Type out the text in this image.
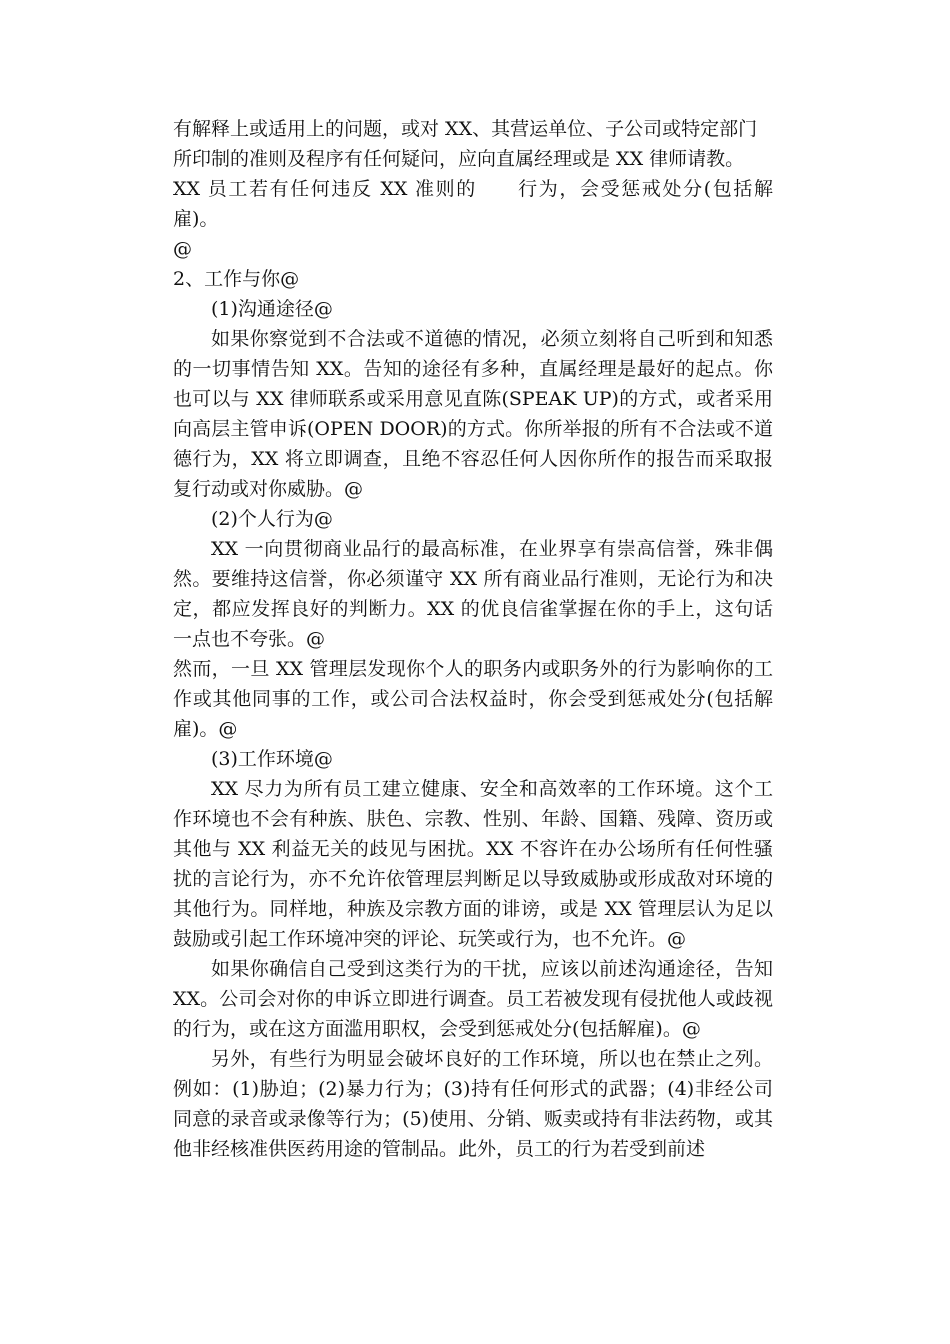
有解释上或适用上的问题，或对 XX、其营运单位、子公司或特定部门
所印制的准则及程序有任何疑问，应向直属经理或是 XX 律师请教。
XX 员工若有任何违反 XX 准则的　　行为，会受惩戒处分(包括解雇)。
@

2、工作与你@

(1)沟通途径@

如果你察觉到不合法或不道德的情况，必须立刻将自己听到和知悉的一切事情告知 XX。告知的途径有多种，直属经理是最好的起点。你也可以与 XX 律师联系或采用意见直陈(SPEAK UP)的方式，或者采用向高层主管申诉(OPEN DOOR)的方式。你所举报的所有不合法或不道德行为，XX 将立即调查，且绝不容忍任何人因你所作的报告而采取报复行动或对你威胁。@

(2)个人行为@

XX 一向贯彻商业品行的最高标准，在业界享有崇高信誉，殊非偶然。要维持这信誉，你必须谨守 XX 所有商业品行准则，无论行为和决定，都应发挥良好的判断力。XX 的优良信雀掌握在你的手上，这句话一点也不夸张。@

然而，一旦 XX 管理层发现你个人的职务内或职务外的行为影响你的工作或其他同事的工作，或公司合法权益时，你会受到惩戒处分(包括解雇)。@

(3)工作环境@

XX 尽力为所有员工建立健康、安全和高效率的工作环境。这个工作环境也不会有种族、肤色、宗教、性别、年龄、国籍、残障、资历或其他与 XX 利益无关的歧见与困扰。XX 不容许在办公场所有任何性骚扰的言论行为，亦不允许依管理层判断足以导致威胁或形成敌对环境的其他行为。同样地，种族及宗教方面的诽谤，或是 XX 管理层认为足以鼓励或引起工作环境冲突的评论、玩笑或行为，也不允许。@

如果你确信自己受到这类行为的干扰，应该以前述沟通途径，告知 XX。公司会对你的申诉立即进行调查。员工若被发现有侵扰他人或歧视的行为，或在这方面滥用职权，会受到惩戒处分(包括解雇)。@

另外，有些行为明显会破坏良好的工作环境，所以也在禁止之列。例如：(1)胁迫；(2)暴力行为；(3)持有任何形式的武器；(4)非经公司同意的录音或录像等行为；(5)使用、分销、贩卖或持有非法药物，或其他非经核准供医药用途的管制品。此外，员工的行为若受到前述
